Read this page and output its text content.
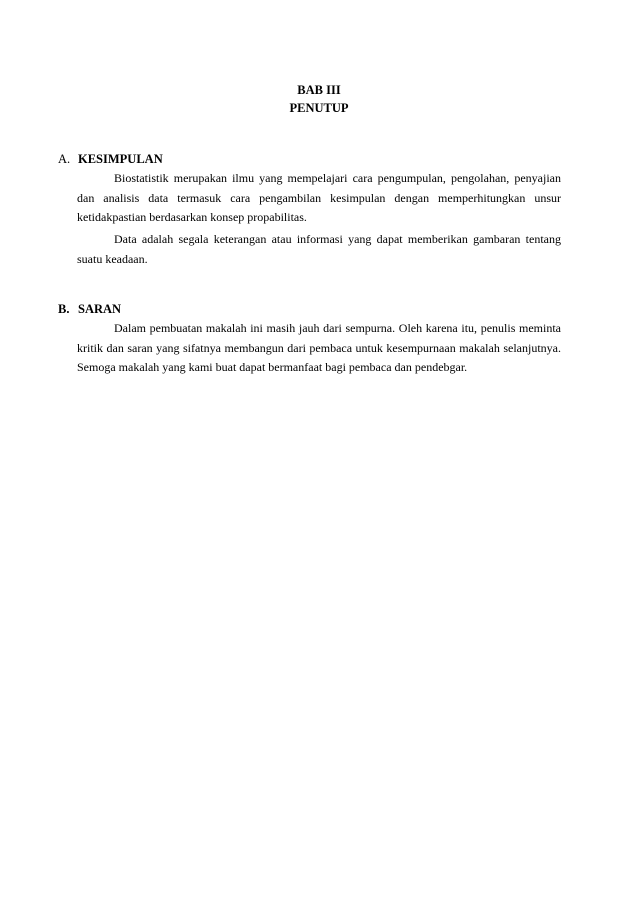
BAB III
PENUTUP
A. KESIMPULAN

Biostatistik merupakan ilmu yang mempelajari cara pengumpulan, pengolahan, penyajian dan analisis data termasuk cara pengambilan kesimpulan dengan memperhitungkan unsur ketidakpastian berdasarkan konsep propabilitas.

Data adalah segala keterangan atau informasi yang dapat memberikan gambaran tentang suatu keadaan.

B. SARAN

Dalam pembuatan makalah ini masih jauh dari sempurna. Oleh karena itu, penulis meminta kritik dan saran yang sifatnya membangun dari pembaca untuk kesempurnaan makalah selanjutnya. Semoga makalah yang kami buat dapat bermanfaat bagi pembaca dan pendebgar.
